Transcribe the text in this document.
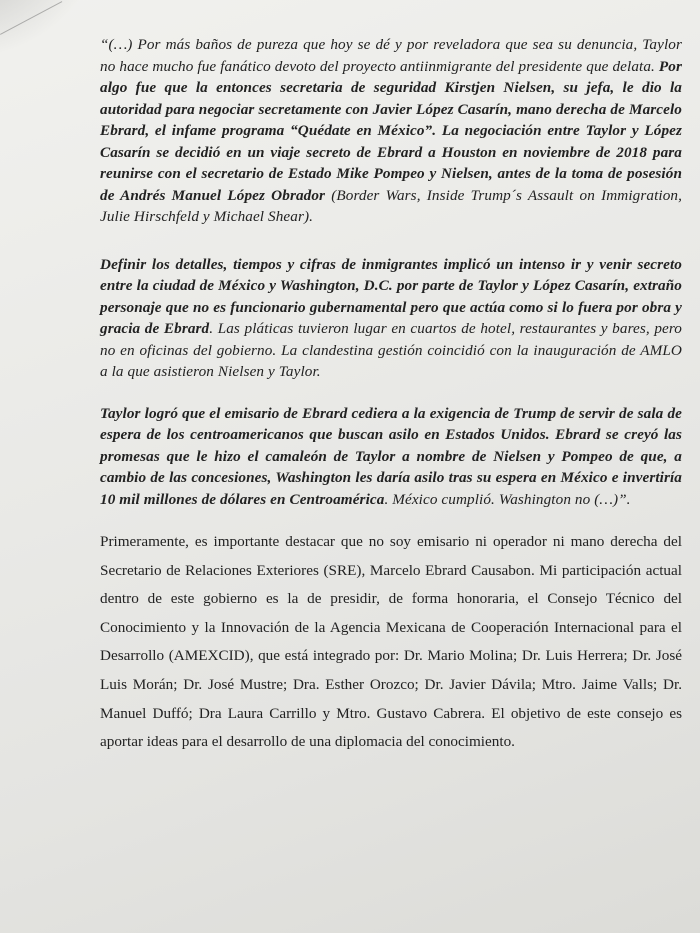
“(…) Por más baños de pureza que hoy se dé y por reveladora que sea su denuncia, Taylor no hace mucho fue fanático devoto del proyecto antiinmigrante del presidente que delata. Por algo fue que la entonces secretaria de seguridad Kirstjen Nielsen, su jefa, le dio la autoridad para negociar secretamente con Javier López Casarín, mano derecha de Marcelo Ebrard, el infame programa “Quédate en México”. La negociación entre Taylor y López Casarín se decidió en un viaje secreto de Ebrard a Houston en noviembre de 2018 para reunirse con el secretario de Estado Mike Pompeo y Nielsen, antes de la toma de posesión de Andrés Manuel López Obrador (Border Wars, Inside Trump´s Assault on Immigration, Julie Hirschfeld y Michael Shear).

Definir los detalles, tiempos y cifras de inmigrantes implicó un intenso ir y venir secreto entre la ciudad de México y Washington, D.C. por parte de Taylor y López Casarín, extraño personaje que no es funcionario gubernamental pero que actúa como si lo fuera por obra y gracia de Ebrard. Las pláticas tuvieron lugar en cuartos de hotel, restaurantes y bares, pero no en oficinas del gobierno. La clandestina gestión coincidió con la inauguración de AMLO a la que asistieron Nielsen y Taylor.

Taylor logró que el emisario de Ebrard cediera a la exigencia de Trump de servir de sala de espera de los centroamericanos que buscan asilo en Estados Unidos. Ebrard se creyó las promesas que le hizo el camaleón de Taylor a nombre de Nielsen y Pompeo de que, a cambio de las concesiones, Washington les daría asilo tras su espera en México e invertiría 10 mil millones de dólares en Centroamérica. México cumplió. Washington no (…)”.

Primeramente, es importante destacar que no soy emisario ni operador ni mano derecha del Secretario de Relaciones Exteriores (SRE), Marcelo Ebrard Causabon. Mi participación actual dentro de este gobierno es la de presidir, de forma honoraria, el Consejo Técnico del Conocimiento y la Innovación de la Agencia Mexicana de Cooperación Internacional para el Desarrollo (AMEXCID), que está integrado por: Dr. Mario Molina; Dr. Luis Herrera; Dr. José Luis Morán; Dr. José Mustre; Dra. Esther Orozco; Dr. Javier Dávila; Mtro. Jaime Valls; Dr. Manuel Duffó; Dra Laura Carrillo y Mtro. Gustavo Cabrera. El objetivo de este consejo es aportar ideas para el desarrollo de una diplomacia del conocimiento.
